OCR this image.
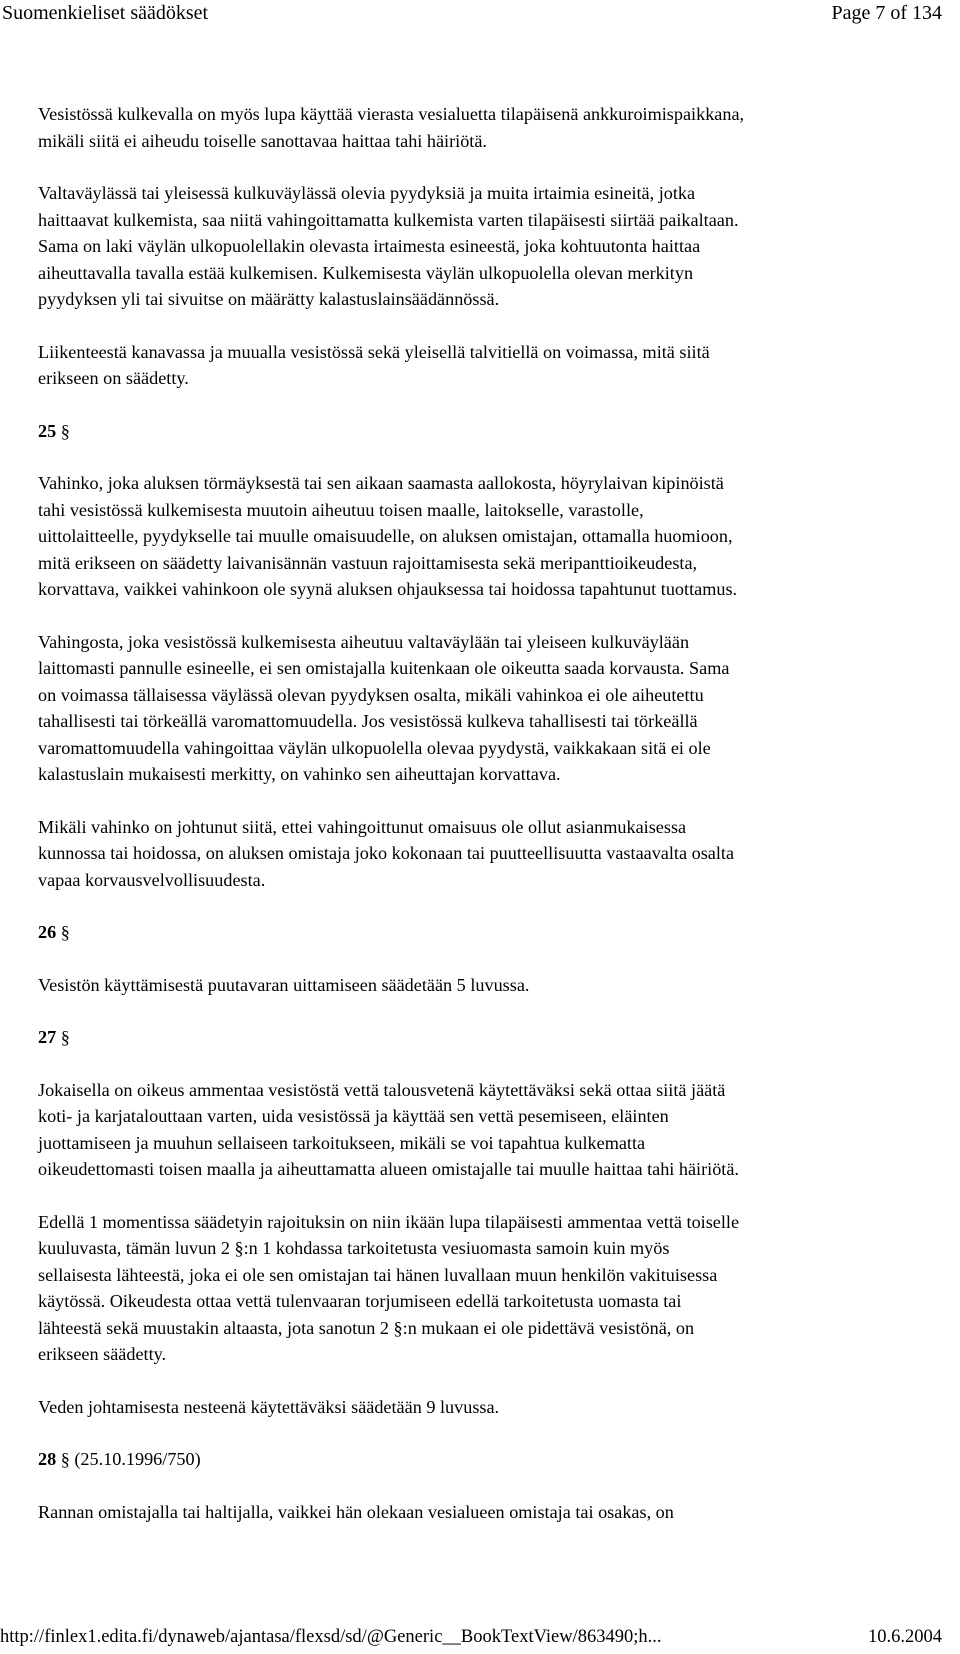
Suomenkieliset säädökset	Page 7 of 134

Vesistössä kulkevalla on myös lupa käyttää vierasta vesialuetta tilapäisenä ankkuroimispaikkana,
mikäli siitä ei aiheudu toiselle sanottavaa haittaa tahi häiriötä.

Valtaväylässä tai yleisessä kulkuväylässä olevia pyydyksiä ja muita irtaimia esineitä, jotka
haittaavat kulkemista, saa niitä vahingoittamatta kulkemista varten tilapäisesti siirtää paikaltaan.
Sama on laki väylän ulkopuolellakin olevasta irtaimesta esineestä, joka kohtuutonta haittaa
aiheuttavalla tavalla estää kulkemisen. Kulkemisesta väylän ulkopuolella olevan merkityn
pyydyksen yli tai sivuitse on määrätty kalastuslainsäädännössä.

Liikenteestä kanavassa ja muualla vesistössä sekä yleisellä talvitiellä on voimassa, mitä siitä
erikseen on säädetty.

25 §

Vahinko, joka aluksen törmäyksestä tai sen aikaan saamasta aallokosta, höyrylaivan kipinöistä
tahi vesistössä kulkemisesta muutoin aiheutuu toisen maalle, laitokselle, varastolle,
uittolaitteelle, pyydykselle tai muulle omaisuudelle, on aluksen omistajan, ottamalla huomioon,
mitä erikseen on säädetty laivanisännän vastuun rajoittamisesta sekä meripanttioikeudesta,
korvattava, vaikkei vahinkoon ole syynä aluksen ohjauksessa tai hoidossa tapahtunut tuottamus.

Vahingosta, joka vesistössä kulkemisesta aiheutuu valtaväylään tai yleiseen kulkuväylään
laittomasti pannulle esineelle, ei sen omistajalla kuitenkaan ole oikeutta saada korvausta. Sama
on voimassa tällaisessa väylässä olevan pyydyksen osalta, mikäli vahinkoa ei ole aiheutettu
tahallisesti tai törkeällä varomattomuudella. Jos vesistössä kulkeva tahallisesti tai törkeällä
varomattomuudella vahingoittaa väylän ulkopuolella olevaa pyydystä, vaikkakaan sitä ei ole
kalastuslain mukaisesti merkitty, on vahinko sen aiheuttajan korvattava.

Mikäli vahinko on johtunut siitä, ettei vahingoittunut omaisuus ole ollut asianmukaisessa
kunnossa tai hoidossa, on aluksen omistaja joko kokonaan tai puutteellisuutta vastaavalta osalta
vapaa korvausvelvollisuudesta.

26 §

Vesistön käyttämisestä puutavaran uittamiseen säädetään 5 luvussa.

27 §

Jokaisella on oikeus ammentaa vesistöstä vettä talousvetenä käytettäväksi sekä ottaa siitä jäätä
koti- ja karjatalouttaan varten, uida vesistössä ja käyttää sen vettä pesemiseen, eläinten
juottamiseen ja muuhun sellaiseen tarkoitukseen, mikäli se voi tapahtua kulkematta
oikeudettomasti toisen maalla ja aiheuttamatta alueen omistajalle tai muulle haittaa tahi häiriötä.

Edellä 1 momentissa säädetyin rajoituksin on niin ikään lupa tilapäisesti ammentaa vettä toiselle
kuuluvasta, tämän luvun 2 §:n 1 kohdassa tarkoitetusta vesiuomasta samoin kuin myös
sellaisesta lähteestä, joka ei ole sen omistajan tai hänen luvallaan muun henkilön vakituisessa
käytössä. Oikeudesta ottaa vettä tulenvaaran torjumiseen edellä tarkoitetusta uomasta tai
lähteestä sekä muustakin altaasta, jota sanotun 2 §:n mukaan ei ole pidettävä vesistönä, on
erikseen säädetty.

Veden johtamisesta nesteenä käytettäväksi säädetään 9 luvussa.

28 § (25.10.1996/750)

Rannan omistajalla tai haltijalla, vaikkei hän olekaan vesialueen omistaja tai osakas, on

http://finlex1.edita.fi/dynaweb/ajantasa/flexsd/sd/@Generic__BookTextView/863490;h...	10.6.2004
